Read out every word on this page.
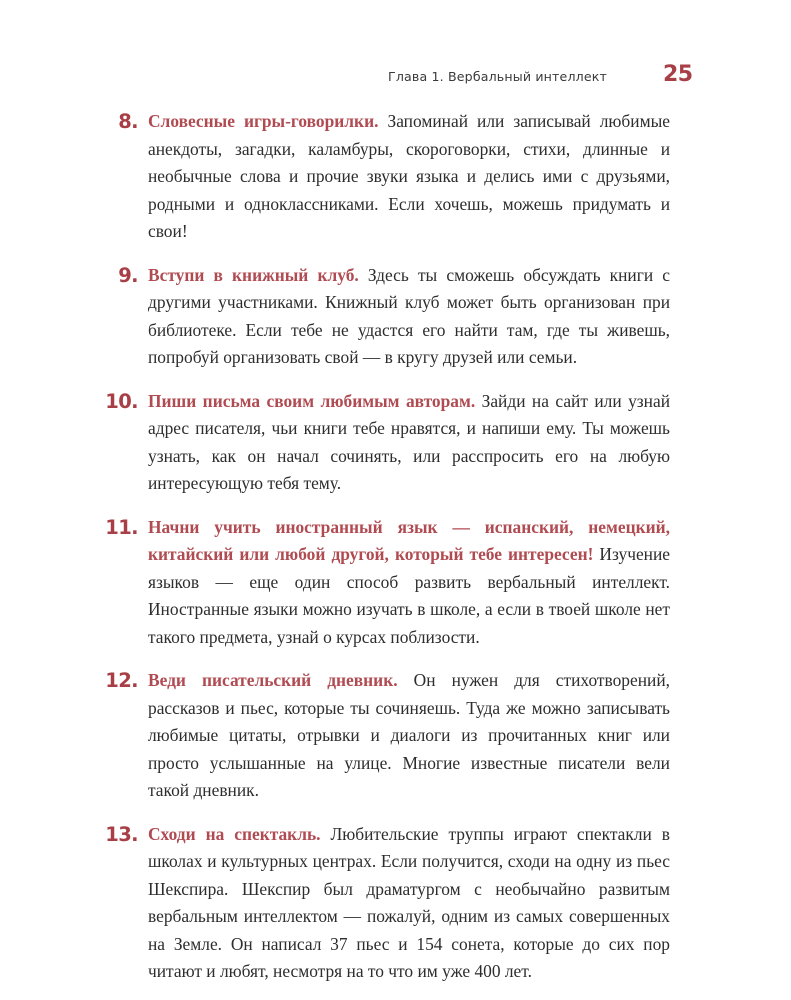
Глава 1. Вербальный интеллект	25
8. Словесные игры-говорилки. Запоминай или записывай любимые анекдоты, загадки, каламбуры, скороговорки, стихи, длинные и необычные слова и прочие звуки языка и делись ими с друзьями, родными и одноклассниками. Если хочешь, можешь придумать и свои!
9. Вступи в книжный клуб. Здесь ты сможешь обсуждать книги с другими участниками. Книжный клуб может быть организован при библиотеке. Если тебе не удастся его найти там, где ты живешь, попробуй организовать свой — в кругу друзей или семьи.
10. Пиши письма своим любимым авторам. Зайди на сайт или узнай адрес писателя, чьи книги тебе нравятся, и напиши ему. Ты можешь узнать, как он начал сочинять, или расспросить его на любую интересующую тебя тему.
11. Начни учить иностранный язык — испанский, немецкий, китайский или любой другой, который тебе интересен! Изучение языков — еще один способ развить вербальный интеллект. Иностранные языки можно изучать в школе, а если в твоей школе нет такого предмета, узнай о курсах поблизости.
12. Веди писательский дневник. Он нужен для стихотворений, рассказов и пьес, которые ты сочиняешь. Туда же можно записывать любимые цитаты, отрывки и диалоги из прочитанных книг или просто услышанные на улице. Многие известные писатели вели такой дневник.
13. Сходи на спектакль. Любительские труппы играют спектакли в школах и культурных центрах. Если получится, сходи на одну из пьес Шекспира. Шекспир был драматургом с необычайно развитым вербальным интеллектом — пожалуй, одним из самых совершенных на Земле. Он написал 37 пьес и 154 сонета, которые до сих пор читают и любят, несмотря на то что им уже 400 лет.
